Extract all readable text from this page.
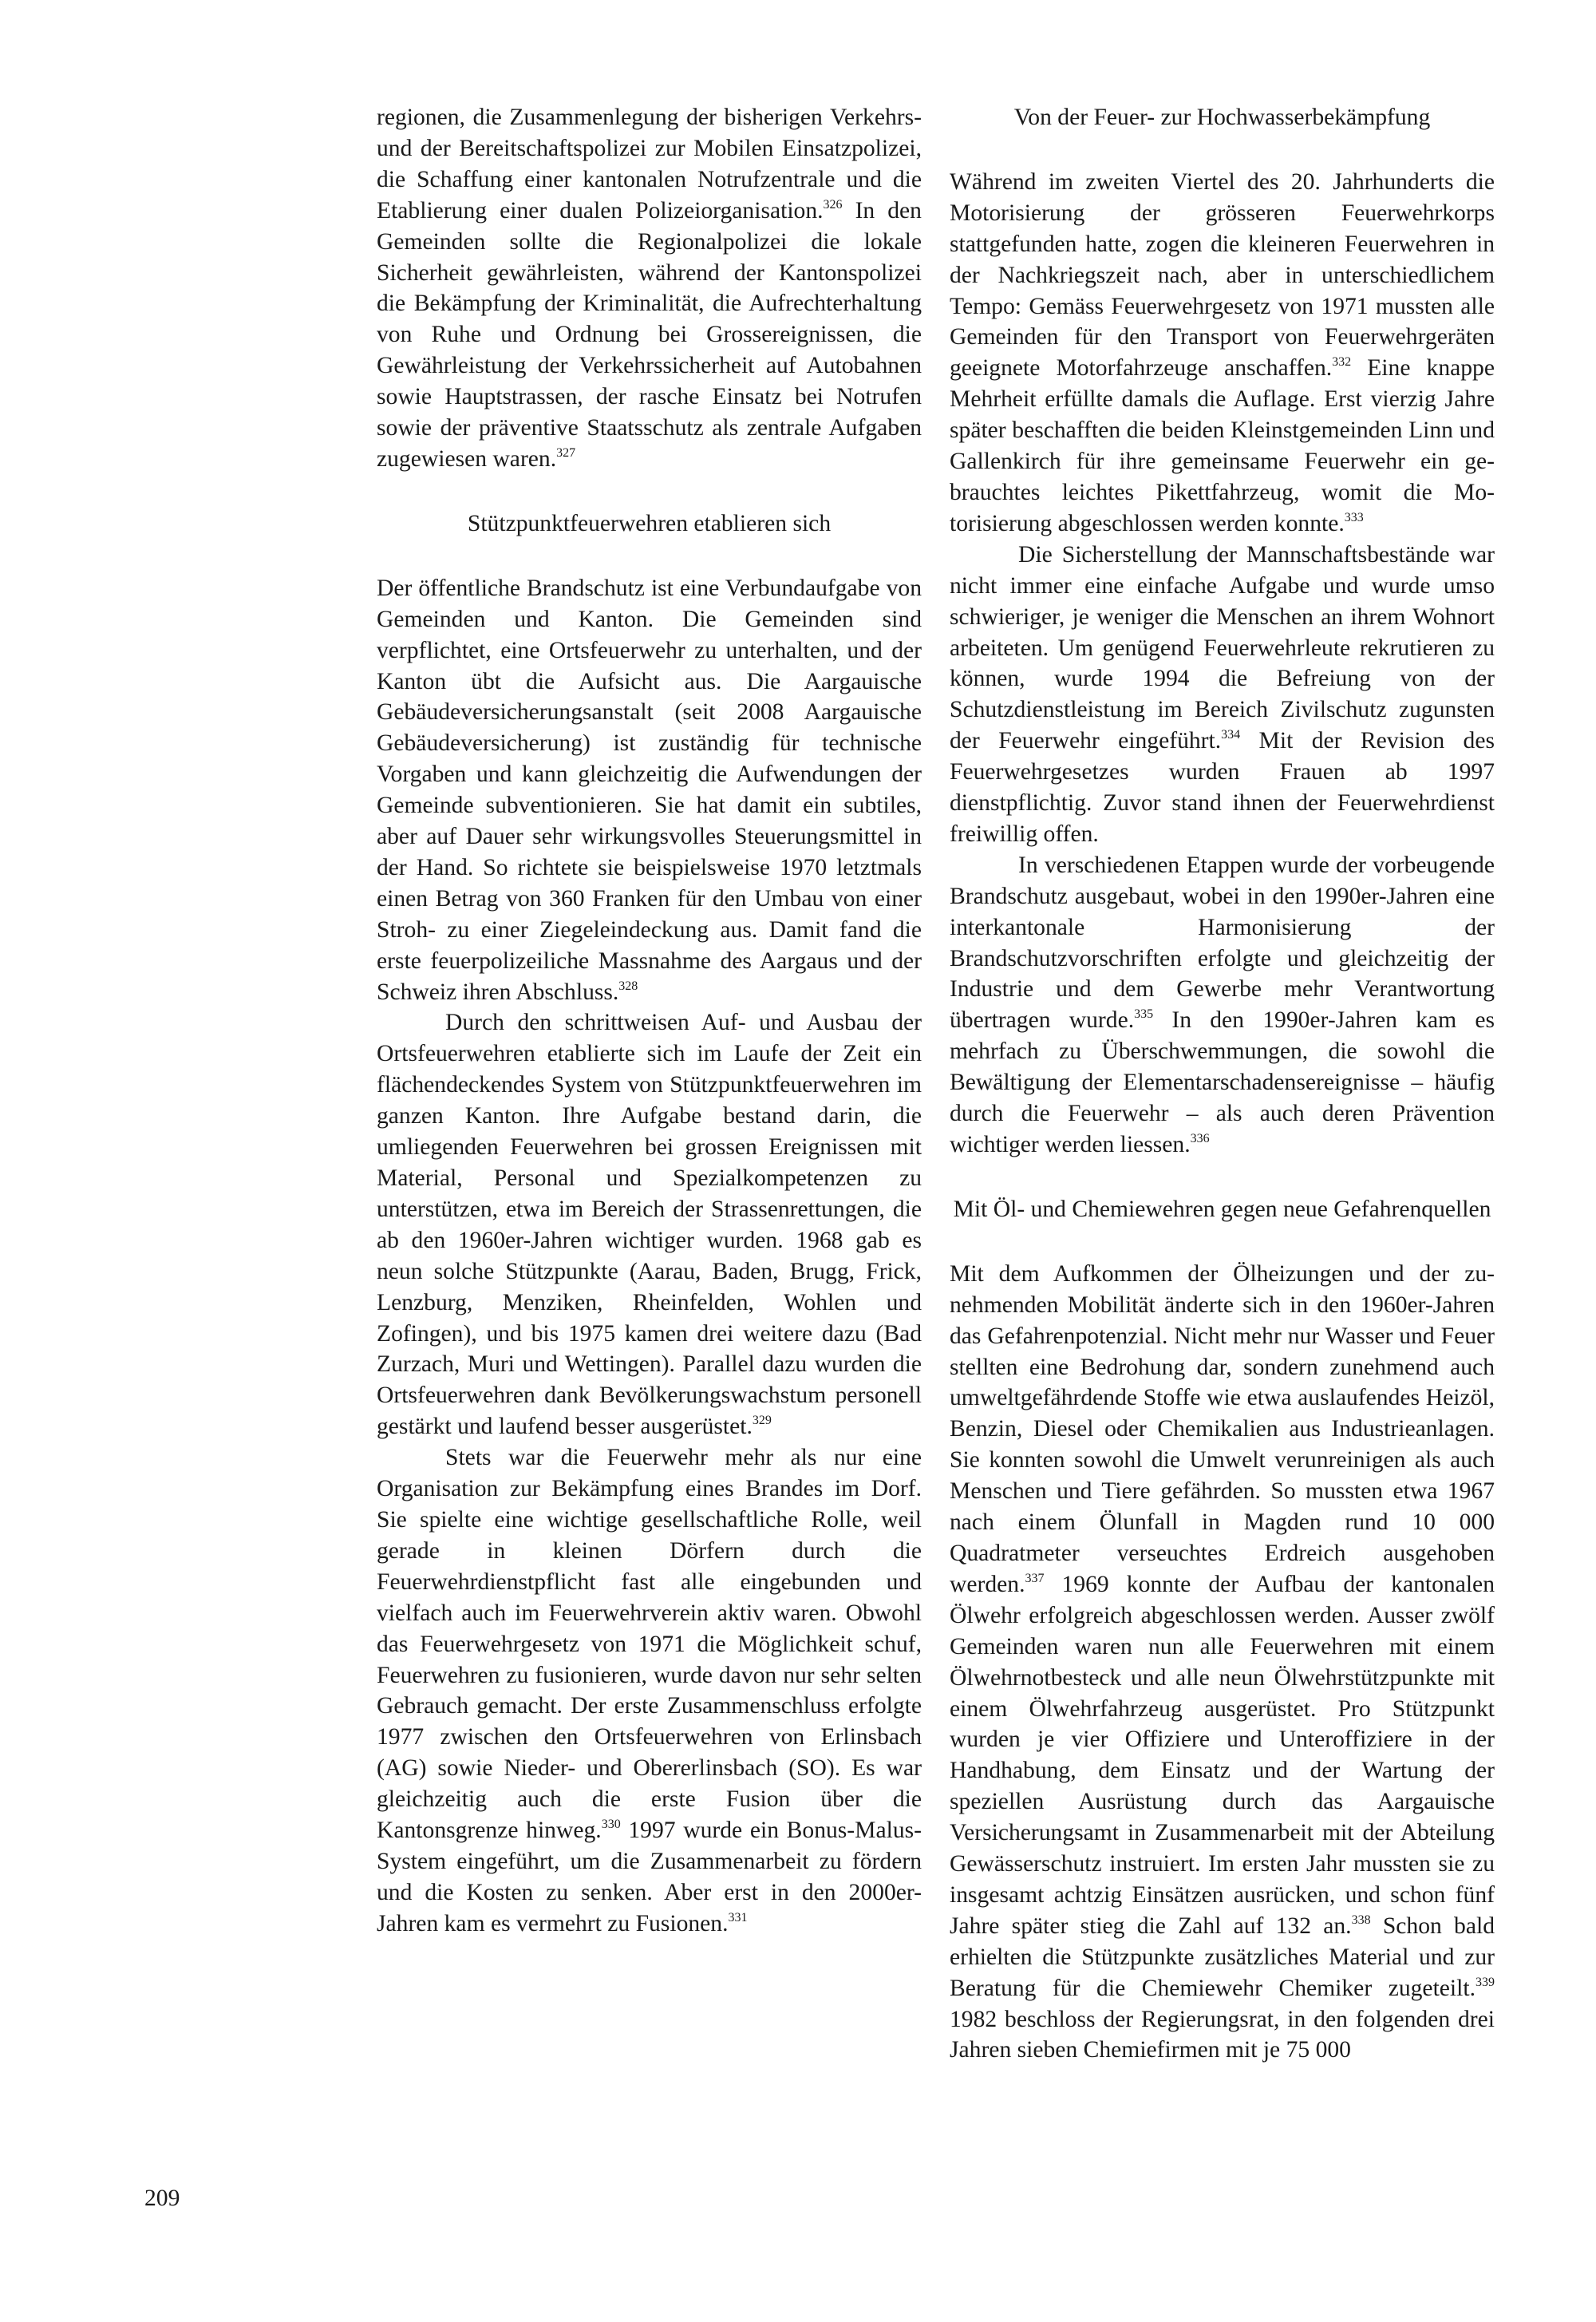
regionen, die Zusammenlegung der bisherigen Verkehrs- und der Bereitschaftspolizei zur Mobilen Einsatzpolizei, die Schaffung einer kantonalen Notrufzentrale und die Etablierung einer dualen Polizeiorganisation.$^{326}$ In den Gemeinden sollte die Regionalpolizei die lokale Sicherheit gewährleisten, während der Kantonspolizei die Bekämpfung der Kriminalität, die Aufrechterhaltung von Ruhe und Ordnung bei Grossereignissen, die Gewährleistung der Verkehrssicherheit auf Autobahnen sowie Hauptstrassen, der rasche Einsatz bei Notrufen sowie der präventive Staatsschutz als zentrale Aufgaben zugewiesen waren.$^{327}$

Stützpunktfeuerwehren etablieren sich

Der öffentliche Brandschutz ist eine Verbundaufgabe von Gemeinden und Kanton. Die Gemeinden sind verpflichtet, eine Ortsfeuerwehr zu unterhalten, und der Kanton übt die Aufsicht aus. Die Aargauische Gebäudeversicherungsanstalt (seit 2008 Aargauische Gebäudeversicherung) ist zuständig für technische Vorgaben und kann gleichzeitig die Aufwendungen der Gemeinde subventionieren. Sie hat damit ein subtiles, aber auf Dauer sehr wirkungsvolles Steuerungsmittel in der Hand. So richtete sie beispielsweise 1970 letztmals einen Betrag von 360 Franken für den Umbau von einer Stroh- zu einer Ziegeleindeckung aus. Damit fand die erste feuerpolizeiliche Massnahme des Aargaus und der Schweiz ihren Abschluss.$^{328}$

Durch den schrittweisen Auf- und Ausbau der Ortsfeuerwehren etablierte sich im Laufe der Zeit ein flächendeckendes System von Stützpunktfeuerwehren im ganzen Kanton. Ihre Aufgabe bestand darin, die umliegenden Feuerwehren bei grossen Ereignissen mit Material, Personal und Spezialkompetenzen zu unterstützen, etwa im Bereich der Strassenrettungen, die ab den 1960er-Jahren wichtiger wurden. 1968 gab es neun solche Stützpunkte (Aarau, Baden, Brugg, Frick, Lenzburg, Menziken, Rheinfelden, Wohlen und Zofingen), und bis 1975 kamen drei weitere dazu (Bad Zurzach, Muri und Wettingen). Parallel dazu wurden die Ortsfeuerwehren dank Bevölkerungswachstum personell gestärkt und laufend besser ausgerüstet.$^{329}$

Stets war die Feuerwehr mehr als nur eine Organisation zur Bekämpfung eines Brandes im Dorf. Sie spielte eine wichtige gesellschaftliche Rolle, weil gerade in kleinen Dörfern durch die Feuerwehrdienstpflicht fast alle eingebunden und vielfach auch im Feuerwehrverein aktiv waren. Obwohl das Feuerwehrgesetz von 1971 die Möglichkeit schuf, Feuerwehren zu fusionieren, wurde davon nur sehr selten Gebrauch gemacht. Der erste Zusammenschluss erfolgte 1977 zwischen den Ortsfeuerwehren von Erlinsbach (AG) sowie Nieder- und Obererlinsbach (SO). Es war gleichzeitig auch die erste Fusion über die Kantonsgrenze hinweg.$^{330}$ 1997 wurde ein Bonus-Malus-System eingeführt, um die Zusammenarbeit zu fördern und die Kosten zu senken. Aber erst in den 2000er-Jahren kam es vermehrt zu Fusionen.$^{331}$

Von der Feuer- zur Hochwasserbekämpfung

Während im zweiten Viertel des 20. Jahrhunderts die Motorisierung der grösseren Feuerwehrkorps stattgefunden hatte, zogen die kleineren Feuerwehren in der Nachkriegszeit nach, aber in unterschiedlichem Tempo: Gemäss Feuerwehrgesetz von 1971 mussten alle Gemeinden für den Transport von Feuerwehrgeräten geeignete Motorfahrzeuge anschaffen.$^{332}$ Eine knappe Mehrheit erfüllte damals die Auflage. Erst vierzig Jahre später beschafften die beiden Kleinstgemeinden Linn und Gallenkirch für ihre gemeinsame Feuerwehr ein gebrauchtes leichtes Pikettfahrzeug, womit die Motorisierung abgeschlossen werden konnte.$^{333}$

Die Sicherstellung der Mannschaftsbestände war nicht immer eine einfache Aufgabe und wurde umso schwieriger, je weniger die Menschen an ihrem Wohnort arbeiteten. Um genügend Feuerwehrleute rekrutieren zu können, wurde 1994 die Befreiung von der Schutzdienstleistung im Bereich Zivilschutz zugunsten der Feuerwehr eingeführt.$^{334}$ Mit der Revision des Feuerwehrgesetzes wurden Frauen ab 1997 dienstpflichtig. Zuvor stand ihnen der Feuerwehrdienst freiwillig offen.

In verschiedenen Etappen wurde der vorbeugende Brandschutz ausgebaut, wobei in den 1990er-Jahren eine interkantonale Harmonisierung der Brandschutzvorschriften erfolgte und gleichzeitig der Industrie und dem Gewerbe mehr Verantwortung übertragen wurde.$^{335}$ In den 1990er-Jahren kam es mehrfach zu Überschwemmungen, die sowohl die Bewältigung der Elementarschadensereignisse – häufig durch die Feuerwehr – als auch deren Prävention wichtiger werden liessen.$^{336}$

Mit Öl- und Chemiewehren gegen neue Gefahrenquellen

Mit dem Aufkommen der Ölheizungen und der zunehmenden Mobilität änderte sich in den 1960er-Jahren das Gefahrenpotenzial. Nicht mehr nur Wasser und Feuer stellten eine Bedrohung dar, sondern zunehmend auch umweltgefährdende Stoffe wie etwa auslaufendes Heizöl, Benzin, Diesel oder Chemikalien aus Industrieanlagen. Sie konnten sowohl die Umwelt verunreinigen als auch Menschen und Tiere gefährden. So mussten etwa 1967 nach einem Ölunfall in Magden rund 10 000 Quadratmeter verseuchtes Erdreich ausgehoben werden.$^{337}$ 1969 konnte der Aufbau der kantonalen Ölwehr erfolgreich abgeschlossen werden. Ausser zwölf Gemeinden waren nun alle Feuerwehren mit einem Ölwehrnotbesteck und alle neun Ölwehrstützpunkte mit einem Ölwehrfahrzeug ausgerüstet. Pro Stützpunkt wurden je vier Offiziere und Unteroffiziere in der Handhabung, dem Einsatz und der Wartung der speziellen Ausrüstung durch das Aargauische Versicherungsamt in Zusammenarbeit mit der Abteilung Gewässerschutz instruiert. Im ersten Jahr mussten sie zu insgesamt achtzig Einsätzen ausrücken, und schon fünf Jahre später stieg die Zahl auf 132 an.$^{338}$ Schon bald erhielten die Stützpunkte zusätzliches Material und zur Beratung für die Chemiewehr Chemiker zugeteilt.$^{339}$ 1982 beschloss der Regierungsrat, in den folgenden drei Jahren sieben Chemiefirmen mit je 75 000

209
